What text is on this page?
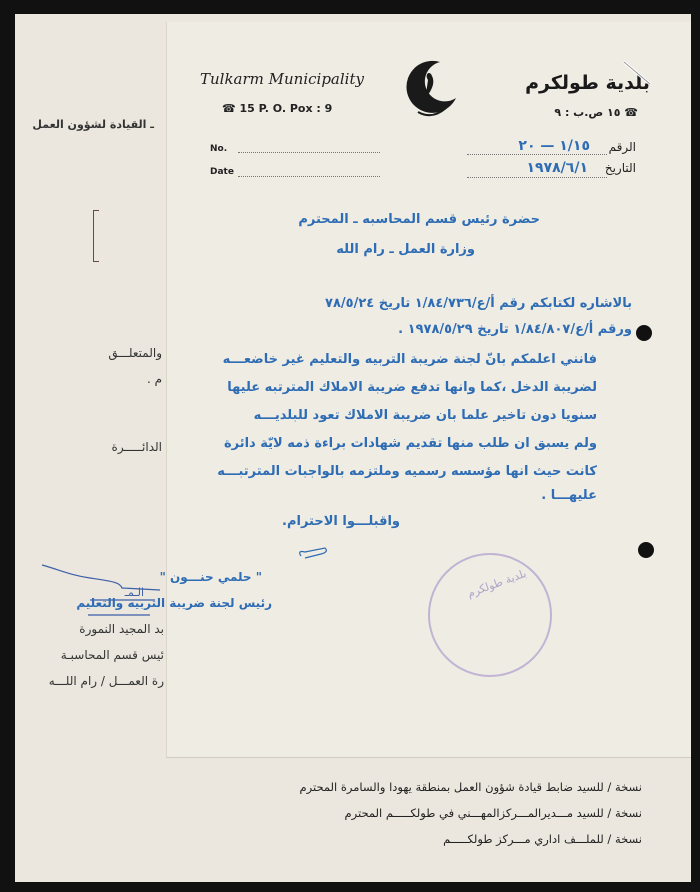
ـ القيادة لشؤون العمل
والمتعلـــق
م .
الدائـــــرة
الـمـ
بد المجيد النمورة
ئيس قسم المحاسبـة
رة العمـــل / رام اللـــه
Tulkarm Municipality
☎ 15 P. O. Pox : 9
بلدية طولكرم
☎ ١٥ ص.ب : ٩
No.
Date
الرقم
١/١٥ — ٢٠
التاريخ
١٩٧٨/٦/١
حضرة رئيس قسم المحاسبه ـ المحترم
وزارة العمل ـ رام الله
بالاشاره لكتابكم رقم أ/ع/١/٨٤/٧٣٦ تاريخ ٧٨/٥/٢٤
ورقم أ/ع/١/٨٤/٨٠٧ تاريخ ١٩٧٨/٥/٢٩ .
فانني اعلمكم بانّ لجنة ضريبة التربيه والتعليم غير خاضعـــه
لضريبة الدخل ،كما وانها تدفع ضريبة الاملاك المترتبه عليها
سنويا دون تاخير علما بان ضريبة الاملاك تعود للبلديـــه
ولم يسبق ان طلب منها تقديم شهادات براءة ذمه لايّة دائرة
كانت حيث انها مؤسسه رسميه وملتزمه بالواجبات المترتبـــه
عليهـــا .
واقبلـــوا الاحترام.
" حلمي حنـــون "
رئيس لجنة ضريبة التربيه والتعليم
بلدية طولكرم
نسخة / للسيد ضابط قيادة شؤون العمل بمنطقة يهودا والسامرة المحترم
نسخة / للسيد مـــديرالمـــركزالمهـــني في طولكـــــم المحترم
نسخة / للملـــف اداري مـــركز طولكـــــم
